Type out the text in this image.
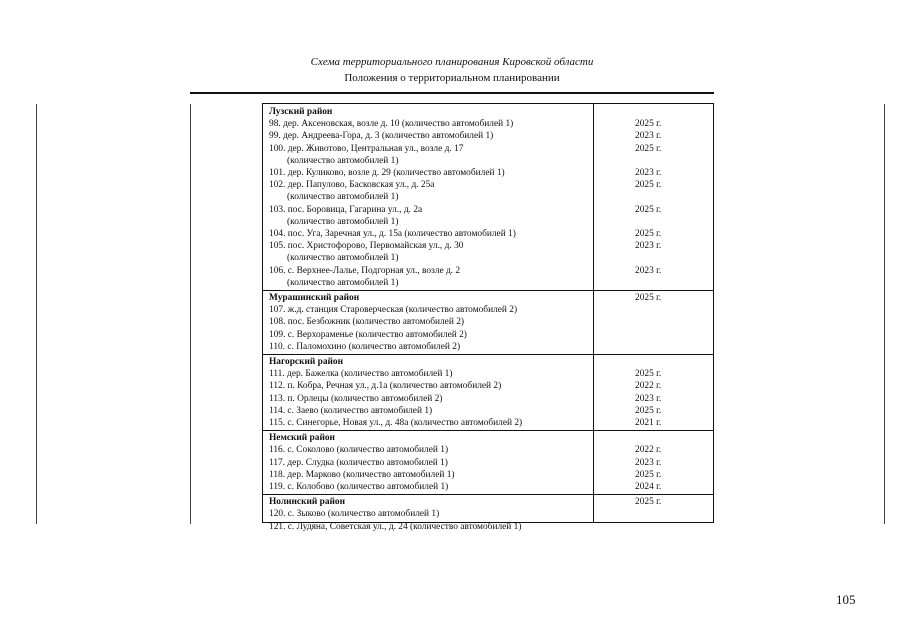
Схема территориального планирования Кировской области
Положения о территориальном планировании
Лузский район
98. дер. Аксеновская, возле д. 10 (количество автомобилей 1)	2025 г.
99. дер. Андреева-Гора, д. 3 (количество автомобилей 1)	2023 г.
100. дер. Животово, Центральная ул., возле д. 17	2025 г.
(количество автомобилей 1)
101. дер. Куликово, возле д. 29 (количество автомобилей 1)	2023 г.
102. дер. Папулово, Басковская ул., д. 25а	2025 г.
(количество автомобилей 1)
103. пос. Боровица, Гагарина ул., д. 2а	2025 г.
(количество автомобилей 1)
104. пос. Уга, Заречная ул., д. 15а (количество автомобилей 1)	2025 г.
105. пос. Христофорово, Первомайская ул., д. 30	2023 г.
(количество автомобилей 1)
106. с. Верхнее-Лалье, Подгорная ул., возле д. 2	2023 г.
(количество автомобилей 1)
Мурашинский район	2025 г.
107. ж.д. станция Староверческая (количество автомобилей 2)
108. пос. Безбожник (количество автомобилей 2)
109. с. Верхораменье (количество автомобилей 2)
110. с. Паломохино (количество автомобилей 2)
Нагорский район
111. дер. Бажелка (количество автомобилей 1)	2025 г.
112. п. Кобра, Речная ул., д.1а (количество автомобилей 2)	2022 г.
113. п. Орлецы (количество автомобилей 2)	2023 г.
114. с. Заево (количество автомобилей 1)	2025 г.
115. с. Синегорье, Новая ул., д. 48а (количество автомобилей 2)	2021 г.
Немский район
116. с. Соколово (количество автомобилей 1)	2022 г.
117. дер. Слудка (количество автомобилей 1)	2023 г.
118. дер. Марково (количество автомобилей 1)	2025 г.
119. с. Колобово (количество автомобилей 1)	2024 г.
Нолинский район	2025 г.
120. с. Зыково (количество автомобилей 1)
121. с. Лудяна, Советская ул., д. 24 (количество автомобилей 1)
105
